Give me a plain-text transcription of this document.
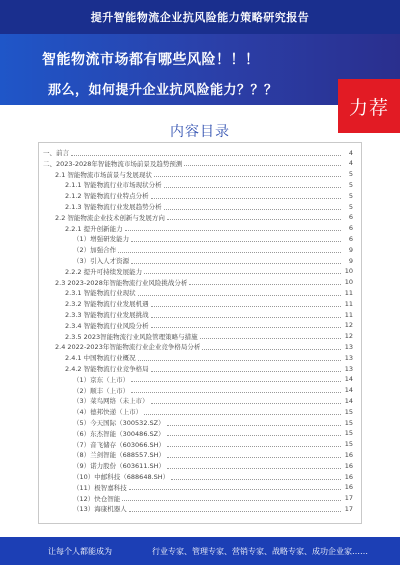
提升智能物流企业抗风险能力策略研究报告
智能物流市场都有哪些风险！！！
那么，如何提升企业抗风险能力？？？
力荐
内容目录
一、前言	4
二、2023-2028年智能物流市场前景及趋势预测	4
2.1 智能物流市场前景与发展现状	5
2.1.1 智能物流行业市场现状分析	5
2.1.2 智能物流行业特点分析	5
2.1.3 智能物流行业发展趋势分析	5
2.2 智能物流企业技术创新与发展方向	6
2.2.1 提升创新能力	6
（1）增强研发能力	6
（2）加强合作	9
（3）引入人才资源	9
2.2.2 提升可持续发展能力	10
2.3 2023-2028年智能物流行业风险挑战分析	10
2.3.1 智能物流行业现状	11
2.3.2 智能物流行业发展机遇	11
2.3.3 智能物流行业发展挑战	11
2.3.4 智能物流行业风险分析	12
2.3.5 2023智能物流行业风险管理策略与措施	12
2.4 2022-2023年智能物流行业企业竞争格局分析	13
2.4.1 中国物流行业概况	13
2.4.2 智能物流行业竞争格局	13
（1）京东（上市）	14
（2）顺丰（上市）	14
（3）菜鸟网络（未上市）	14
（4）德邦快递（上市）	15
（5）今天国际（300532.SZ）	15
（6）东杰智能（300486.SZ）	15
（7）音飞储存（603066.SH）	15
（8）兰剑智能（688557.SH）	16
（9）诺力股份（603611.SH）	16
（10）中邮科技（688648.SH）	16
（11）极智嘉科技	16
（12）快仓智能	17
（13）海康机器人	17
让每个人都能成为	行业专家、管理专家、营销专家、战略专家、成功企业家……
